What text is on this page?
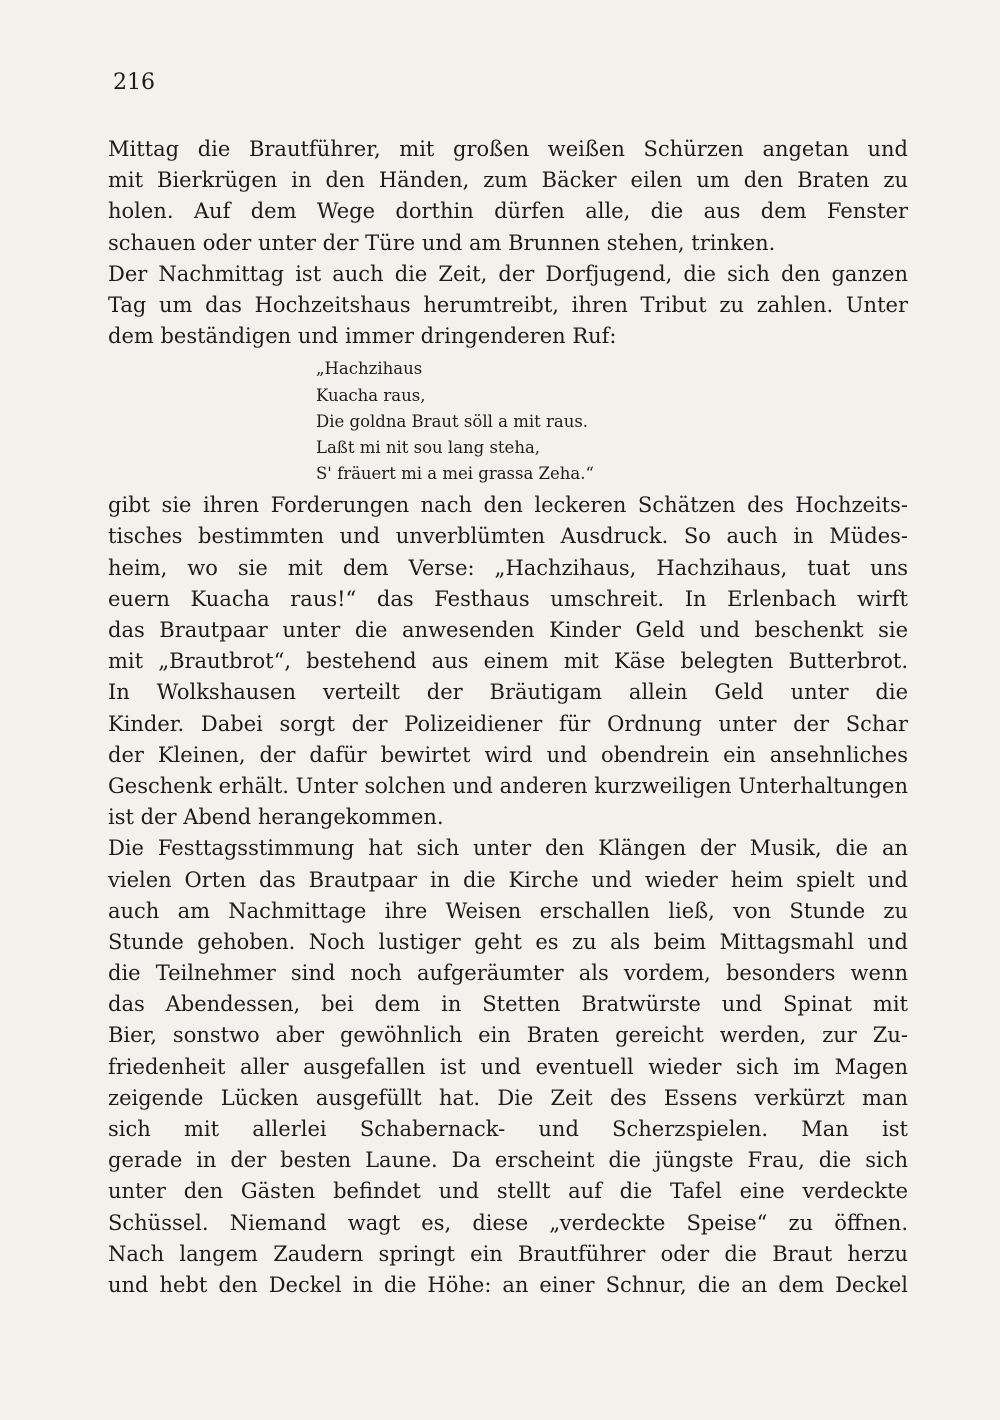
216
Mittag die Brautführer, mit großen weißen Schürzen angetan und
mit Bierkrügen in den Händen, zum Bäcker eilen um den Braten zu
holen. Auf dem Wege dorthin dürfen alle, die aus dem Fenster
schauen oder unter der Türe und am Brunnen stehen, trinken.
Der Nachmittag ist auch die Zeit, der Dorfjugend, die sich den ganzen
Tag um das Hochzeitshaus herumtreibt, ihren Tribut zu zahlen. Unter
dem beständigen und immer dringenderen Ruf:
„Hachzihaus
Kuacha raus,
Die goldna Braut söll a mit raus.
Laßt mi nit sou lang steha,
S' fräuert mi a mei grassa Zeha.“
gibt sie ihren Forderungen nach den leckeren Schätzen des Hochzeits-
tisches bestimmten und unverblümten Ausdruck. So auch in Müdes-
heim, wo sie mit dem Verse: „Hachzihaus, Hachzihaus, tuat uns
euern Kuacha raus!“ das Festhaus umschreit. In Erlenbach wirft
das Brautpaar unter die anwesenden Kinder Geld und beschenkt sie
mit „Brautbrot“, bestehend aus einem mit Käse belegten Butterbrot.
In Wolkshausen verteilt der Bräutigam allein Geld unter die
Kinder. Dabei sorgt der Polizeidiener für Ordnung unter der Schar
der Kleinen, der dafür bewirtet wird und obendrein ein ansehnliches
Geschenk erhält. Unter solchen und anderen kurzweiligen Unterhaltungen
ist der Abend herangekommen.
Die Festtagsstimmung hat sich unter den Klängen der Musik, die an
vielen Orten das Brautpaar in die Kirche und wieder heim spielt und
auch am Nachmittage ihre Weisen erschallen ließ, von Stunde zu
Stunde gehoben. Noch lustiger geht es zu als beim Mittagsmahl und
die Teilnehmer sind noch aufgeräumter als vordem, besonders wenn
das Abendessen, bei dem in Stetten Bratwürste und Spinat mit
Bier, sonstwo aber gewöhnlich ein Braten gereicht werden, zur Zu-
friedenheit aller ausgefallen ist und eventuell wieder sich im Magen
zeigende Lücken ausgefüllt hat. Die Zeit des Essens verkürzt man
sich mit allerlei Schabernack- und Scherzspielen. Man ist
gerade in der besten Laune. Da erscheint die jüngste Frau, die sich
unter den Gästen befindet und stellt auf die Tafel eine verdeckte
Schüssel. Niemand wagt es, diese „verdeckte Speise“ zu öffnen.
Nach langem Zaudern springt ein Brautführer oder die Braut herzu
und hebt den Deckel in die Höhe: an einer Schnur, die an dem Deckel
